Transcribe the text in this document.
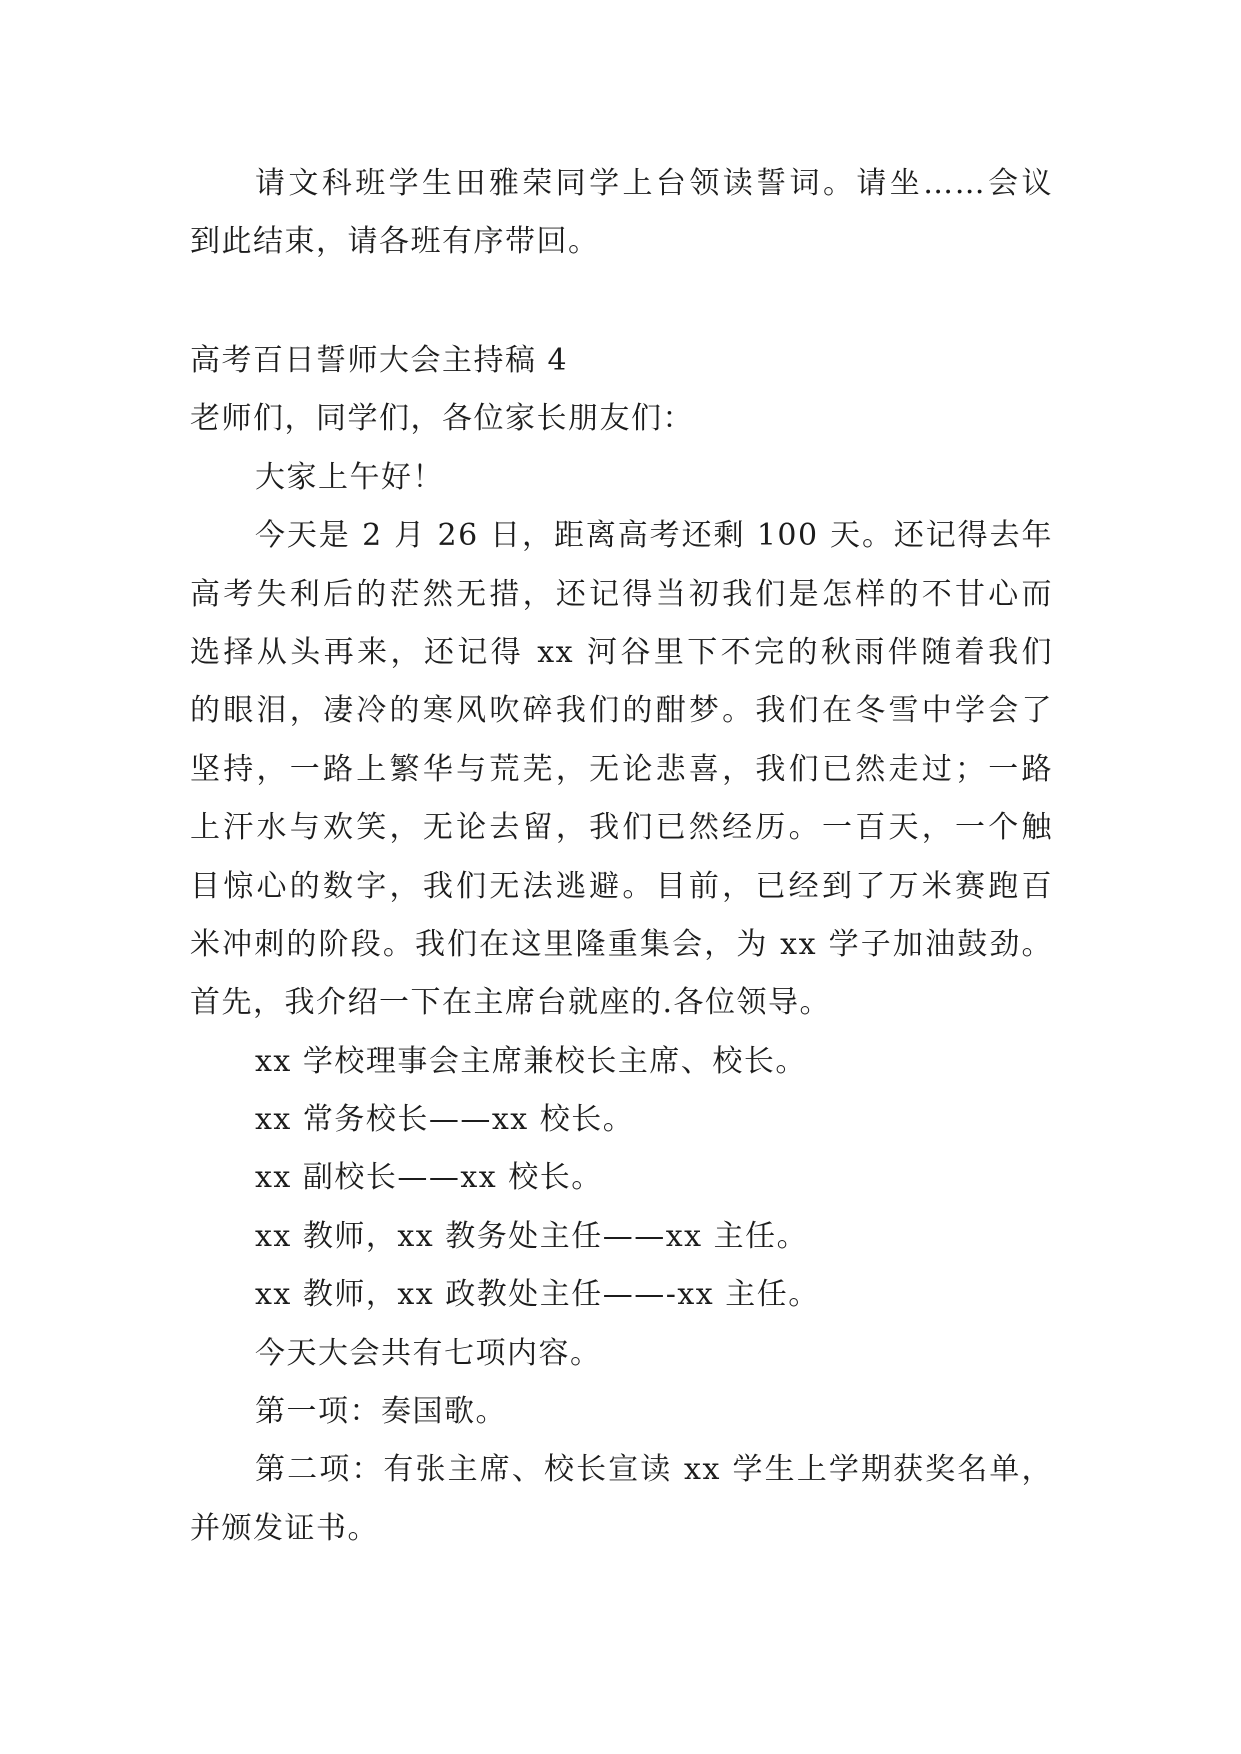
请文科班学生田雅荣同学上台领读誓词。请坐……会议
到此结束，请各班有序带回。
高考百日誓师大会主持稿 4
老师们，同学们，各位家长朋友们：
大家上午好！
今天是 2 月 26 日，距离高考还剩 100 天。还记得去年
高考失利后的茫然无措，还记得当初我们是怎样的不甘心而
选择从头再来，还记得 xx 河谷里下不完的秋雨伴随着我们
的眼泪，凄冷的寒风吹碎我们的酣梦。我们在冬雪中学会了
坚持，一路上繁华与荒芜，无论悲喜，我们已然走过；一路
上汗水与欢笑，无论去留，我们已然经历。一百天，一个触
目惊心的数字，我们无法逃避。目前，已经到了万米赛跑百
米冲刺的阶段。我们在这里隆重集会，为 xx 学子加油鼓劲。
首先，我介绍一下在主席台就座的.各位领导。
xx 学校理事会主席兼校长主席、校长。
xx 常务校长——xx 校长。
xx 副校长——xx 校长。
xx 教师，xx 教务处主任——xx 主任。
xx 教师，xx 政教处主任——-xx 主任。
今天大会共有七项内容。
第一项：奏国歌。
第二项：有张主席、校长宣读 xx 学生上学期获奖名单，
并颁发证书。
